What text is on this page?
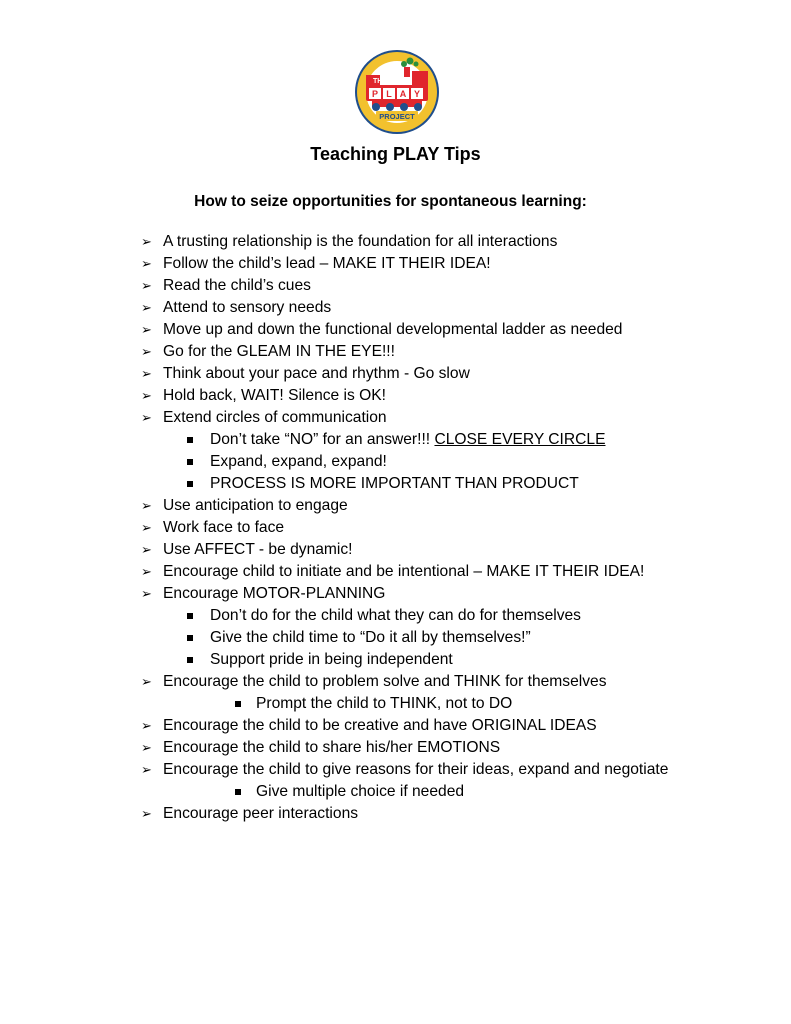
THE
P L A Y
PROJECT
Teaching PLAY Tips
How to seize opportunities for spontaneous learning:
➢ A trusting relationship is the foundation for all interactions
➢ Follow the child’s lead – MAKE IT THEIR IDEA!
➢ Read the child’s cues
➢ Attend to sensory needs
➢ Move up and down the functional developmental ladder as needed
➢ Go for the GLEAM IN THE EYE!!!
➢ Think about your pace and rhythm - Go slow
➢ Hold back, WAIT! Silence is OK!
➢ Extend circles of communication
Don’t take “NO” for an answer!!! CLOSE EVERY CIRCLE
Expand, expand, expand!
PROCESS IS MORE IMPORTANT THAN PRODUCT
➢ Use anticipation to engage
➢ Work face to face
➢ Use AFFECT - be dynamic!
➢ Encourage child to initiate and be intentional – MAKE IT THEIR IDEA!
➢ Encourage MOTOR-PLANNING
Don’t do for the child what they can do for themselves
Give the child time to “Do it all by themselves!”
Support pride in being independent
➢ Encourage the child to problem solve and THINK for themselves
Prompt the child to THINK, not to DO
➢ Encourage the child to be creative and have ORIGINAL IDEAS
➢ Encourage the child to share his/her EMOTIONS
➢ Encourage the child to give reasons for their ideas, expand and negotiate
Give multiple choice if needed
➢ Encourage peer interactions
